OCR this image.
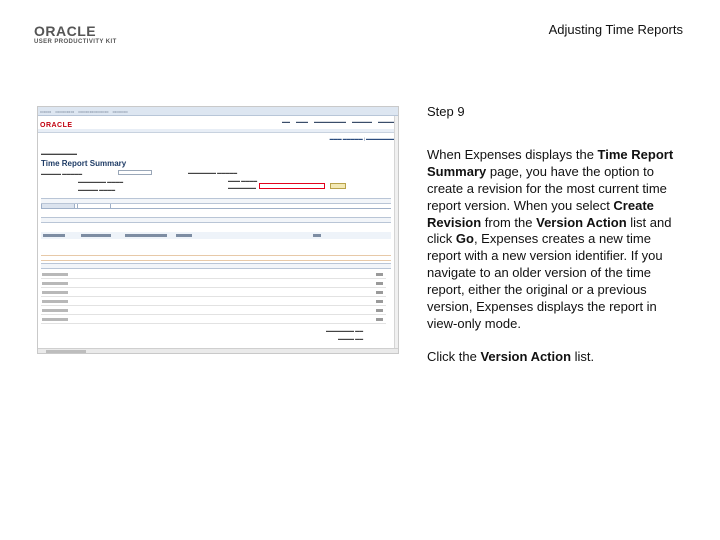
ORACLE
USER PRODUCTIVITY KIT
Adjusting Time Reports
▭▭▭ ▭▭▭▭▭ ▭▭▭▭▭▭▭▭ ▭▭▭▭
▬▬ ▬▬▬ ▬▬▬▬▬▬▬▬ ▬▬▬▬▬ ▬▬▬▬
ORACLE
▬▬▬ ▬▬▬▬▬ | ▬▬▬▬▬▬▬
▬▬▬▬▬▬▬▬
Time Report Summary
▬▬▬▬▬ ▬▬▬▬▬
▬▬▬▬▬▬▬ ▬▬▬▬
▬▬▬▬▬ ▬▬▬▬
▬▬▬▬▬▬▬ ▬▬▬▬▬
▬▬▬ ▬▬▬▬
▬▬▬▬▬▬▬
▬▬▬▬▬▬▬ ▬▬
▬▬▬▬ ▬▬

Step 9

When Expenses displays the Time Report Summary page, you have the option to create a revision for the most current time report version. When you select Create Revision from the Version Action list and click Go, Expenses creates a new time report with a new version identifier. If you navigate to an older version of the time report, either the original or a previous version, Expenses displays the report in view-only mode.

Click the Version Action list.
